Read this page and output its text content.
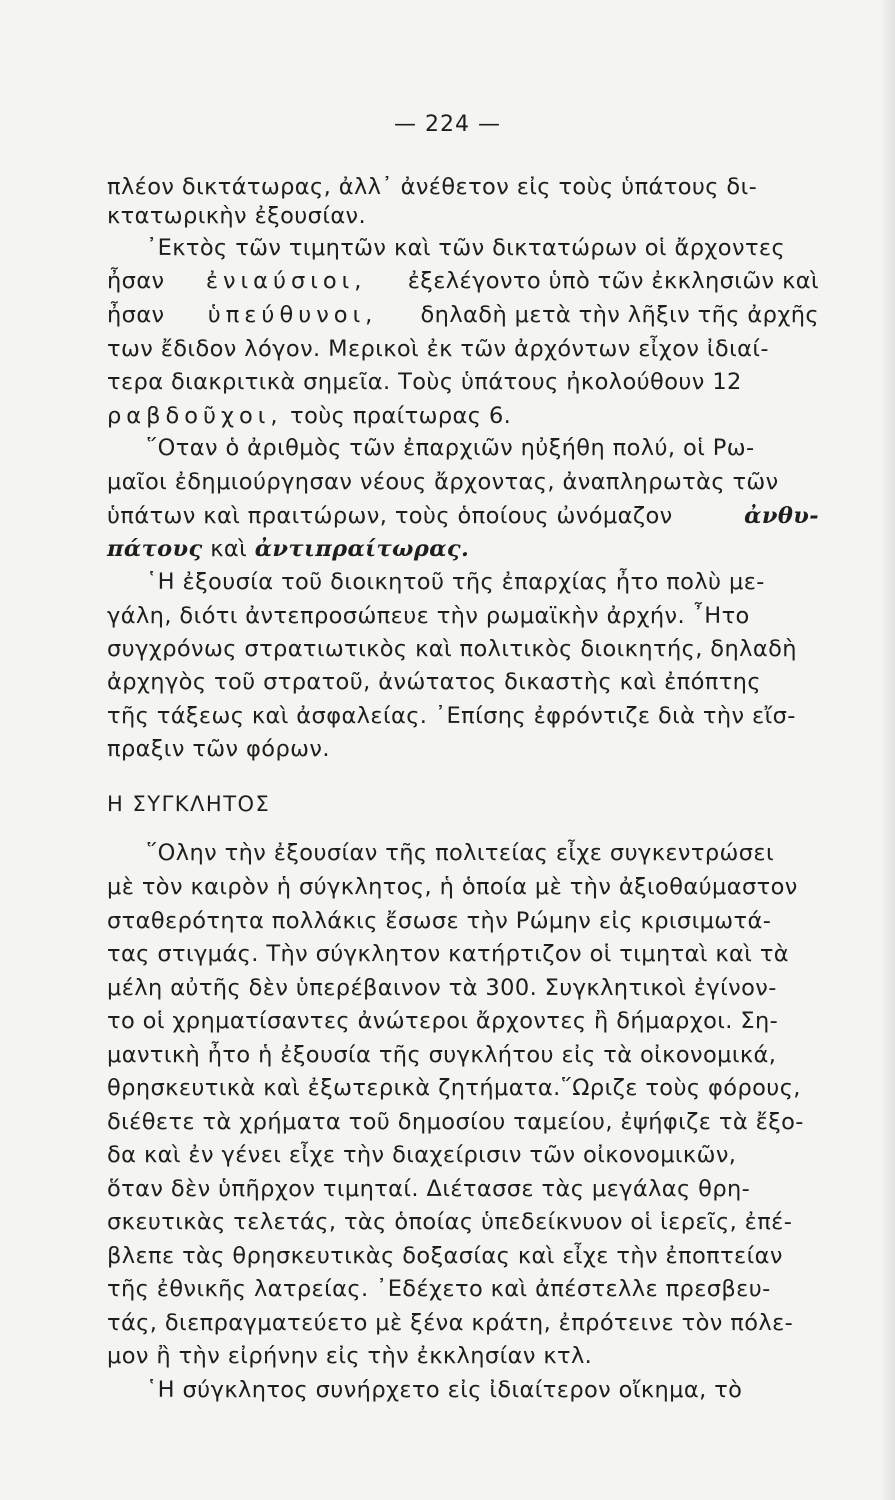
— 224 —
πλέον δικτάτωρας, ἀλλ᾿ ἀνέθετον εἰς τοὺς ὑπάτους δι-
κτατωρικὴν ἐξουσίαν.
᾿Εκτὸς τῶν τιμητῶν καὶ τῶν δικτατώρων οἱ ἄρχοντες
ἦσαν ἐνιαύσιοι, ἐξελέγοντο ὑπὸ τῶν ἐκκλησιῶν καὶ
ἦσαν ὑπεύθυνοι, δηλαδὴ μετὰ τὴν λῆξιν τῆς ἀρχῆς
των ἔδιδον λόγον. Μερικοὶ ἐκ τῶν ἀρχόντων εἶχον ἰδιαί-
τερα διακριτικὰ σημεῖα. Τοὺς ὑπάτους ἠκολούθουν 12
ραβδοῦχοι, τοὺς πραίτωρας 6.
῞Οταν ὁ ἀριθμὸς τῶν ἐπαρχιῶν ηὐξήθη πολύ, οἱ Ρω-
μαῖοι ἐδημιούργησαν νέους ἄρχοντας, ἀναπληρωτὰς τῶν
ὑπάτων καὶ πραιτώρων, τοὺς ὁποίους ὠνόμαζον	ἀνθυ-
πάτους καὶ ἀντιπραίτωρας.
῾Η ἐξουσία τοῦ διοικητοῦ τῆς ἐπαρχίας ἦτο πολὺ με-
γάλη, διότι ἀντεπροσώπευε τὴν ρωμαϊκὴν ἀρχήν. ῏Ητο
συγχρόνως στρατιωτικὸς καὶ πολιτικὸς διοικητής, δηλαδὴ
ἀρχηγὸς τοῦ στρατοῦ, ἀνώτατος δικαστὴς καὶ ἐπόπτης
τῆς τάξεως καὶ ἀσφαλείας. ᾿Επίσης ἐφρόντιζε διὰ τὴν εἴσ-
πραξιν τῶν φόρων.
Η ΣΥΓΚΛΗΤΟΣ
῞Ολην τὴν ἐξουσίαν τῆς πολιτείας εἶχε συγκεντρώσει
μὲ τὸν καιρὸν ἡ σύγκλητος, ἡ ὁποία μὲ τὴν ἀξιοθαύμαστον
σταθερότητα πολλάκις ἔσωσε τὴν Ρώμην εἰς κρισιμωτά-
τας στιγμάς. Τὴν σύγκλητον κατήρτιζον οἱ τιμηταὶ καὶ τὰ
μέλη αὐτῆς δὲν ὑπερέβαινον τὰ 300. Συγκλητικοὶ ἐγίνον-
το οἱ χρηματίσαντες ἀνώτεροι ἄρχοντες ἢ δήμαρχοι. Ση-
μαντικὴ ἦτο ἡ ἐξουσία τῆς συγκλήτου εἰς τὰ οἰκονομικά,
θρησκευτικὰ καὶ ἐξωτερικὰ ζητήματα.῞Ωριζε τοὺς φόρους,
διέθετε τὰ χρήματα τοῦ δημοσίου ταμείου, ἐψήφιζε τὰ ἔξο-
δα καὶ ἐν γένει εἶχε τὴν διαχείρισιν τῶν οἰκονομικῶν,
ὅταν δὲν ὑπῆρχον τιμηταί. Διέτασσε τὰς μεγάλας θρη-
σκευτικὰς τελετάς, τὰς ὁποίας ὑπεδείκνυον οἱ ἱερεῖς, ἐπέ-
βλεπε τὰς θρησκευτικὰς δοξασίας καὶ εἶχε τὴν ἐποπτείαν
τῆς ἐθνικῆς λατρείας. ᾿Εδέχετο καὶ ἀπέστελλε πρεσβευ-
τάς, διεπραγματεύετο μὲ ξένα κράτη, ἐπρότεινε τὸν πόλε-
μον ἢ τὴν εἰρήνην εἰς τὴν ἐκκλησίαν κτλ.
῾Η σύγκλητος συνήρχετο εἰς ἰδιαίτερον οἴκημα, τὸ
